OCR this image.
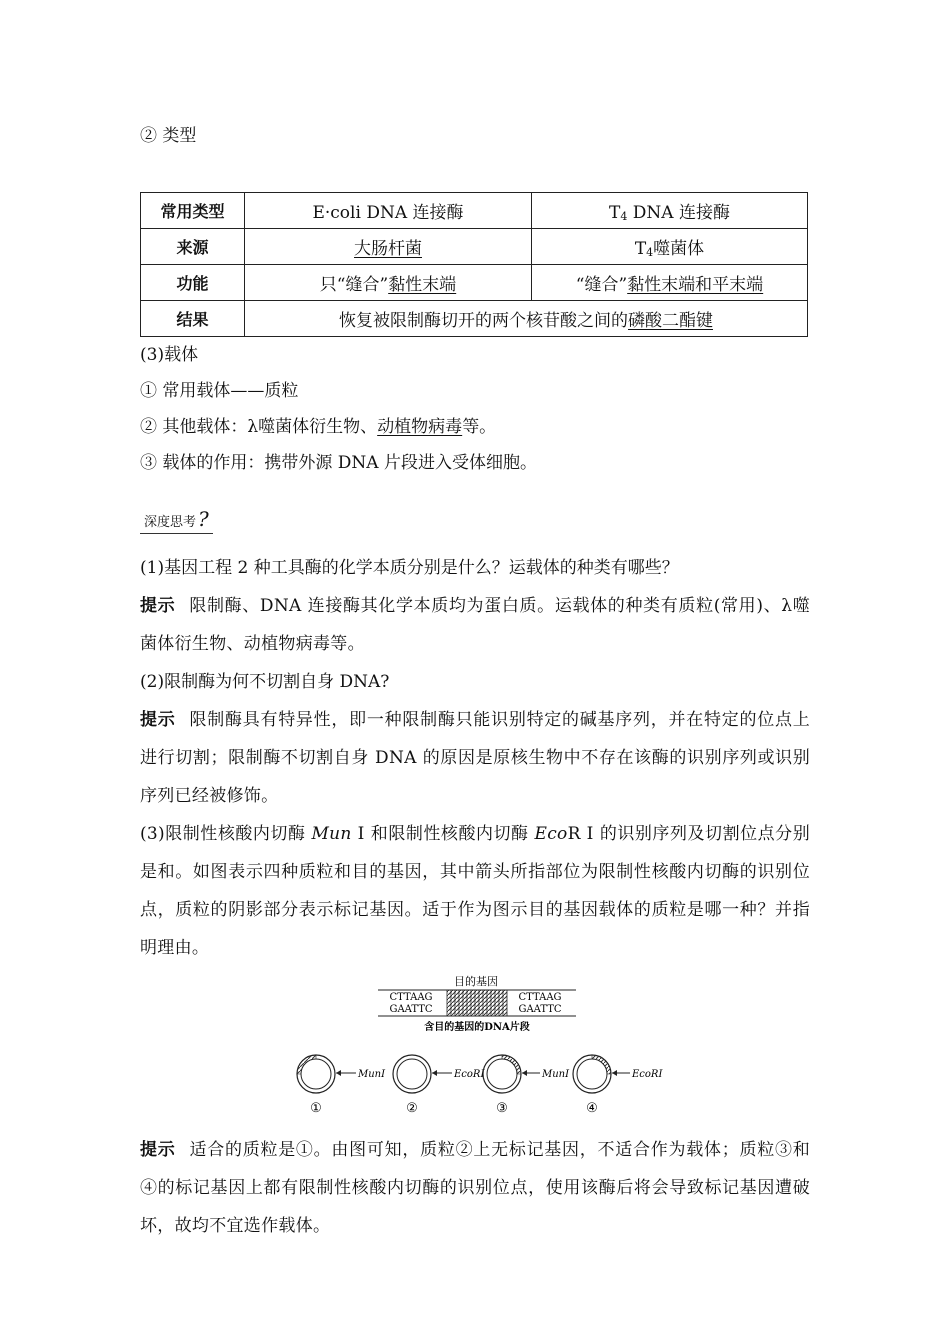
② 类型
常用类型	E·coli DNA 连接酶	$T_4$ DNA 连接酶
来源	大肠杆菌	$T_4$噬菌体
功能	只“缝合”黏性末端	“缝合”黏性末端和平末端
结果	恢复被限制酶切开的两个核苷酸之间的磷酸二酯键	
(3)载体
① 常用载体——质粒
② 其他载体：λ噬菌体衍生物、动植物病毒等。
③ 载体的作用：携带外源 DNA 片段进入受体细胞。
深度思考 ?
(1)基因工程 2 种工具酶的化学本质分别是什么？运载体的种类有哪些？
提示 限制酶、DNA 连接酶其化学本质均为蛋白质。运载体的种类有质粒(常用)、λ噬菌体衍生物、动植物病毒等。
(2)限制酶为何不切割自身 DNA?
提示 限制酶具有特异性，即一种限制酶只能识别特定的碱基序列，并在特定的位点上进行切割；限制酶不切割自身 DNA 的原因是原核生物中不存在该酶的识别序列或识别序列已经被修饰。
(3)限制性核酸内切酶 Mun Ⅰ 和限制性核酸内切酶 EcoR Ⅰ 的识别序列及切割位点分别是和。如图表示四种质粒和目的基因，其中箭头所指部位为限制性核酸内切酶的识别位点，质粒的阴影部分表示标记基因。适于作为图示目的基因载体的质粒是哪一种？并指明理由。
目的基因
CTTAAG
GAATTC
CTTAAG
GAATTC
含目的基因的DNA片段
MunⅠ
①
EcoRⅠ
②
MunⅠ
③
EcoRⅠ
④
提示 适合的质粒是①。由图可知，质粒②上无标记基因，不适合作为载体；质粒③和④的标记基因上都有限制性核酸内切酶的识别位点，使用该酶后将会导致标记基因遭破坏，故均不宜选作载体。
